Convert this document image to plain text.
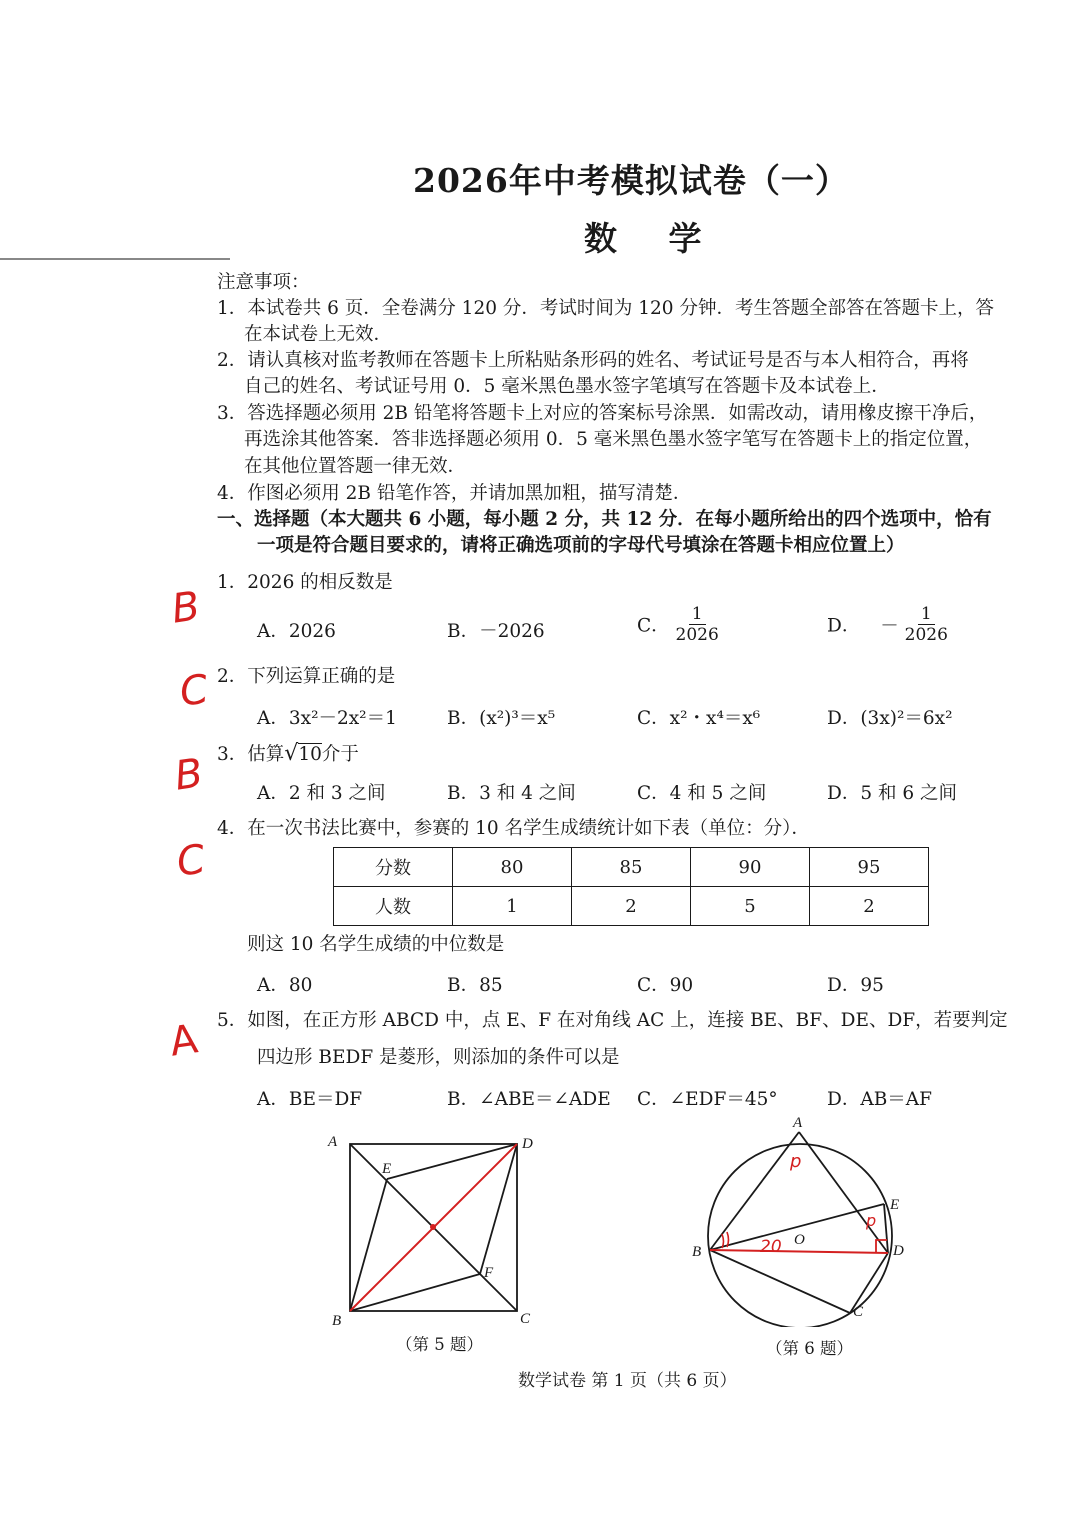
2026年中考模拟试卷（一）
数 学
注意事项：
1．本试卷共 6 页．全卷满分 120 分．考试时间为 120 分钟．考生答题全部答在答题卡上，答
在本试卷上无效．
2．请认真核对监考教师在答题卡上所粘贴条形码的姓名、考试证号是否与本人相符合，再将
自己的姓名、考试证号用 0．5 毫米黑色墨水签字笔填写在答题卡及本试卷上．
3．答选择题必须用 2B 铅笔将答题卡上对应的答案标号涂黑．如需改动，请用橡皮擦干净后，
再选涂其他答案．答非选择题必须用 0．5 毫米黑色墨水签字笔写在答题卡上的指定位置，
在其他位置答题一律无效．
4．作图必须用 2B 铅笔作答，并请加黑加粗，描写清楚．
一、选择题（本大题共 6 小题，每小题 2 分，共 12 分．在每小题所给出的四个选项中，恰有
一项是符合题目要求的，请将正确选项前的字母代号填涂在答题卡相应位置上）
B
1．2026 的相反数是
A．2026	B．－2026	C． $\frac{1}{2026}$	D． － $\frac{1}{2026}$
C 2．下列运算正确的是
A．3x²－2x²＝1	B．(x²)³＝x⁵	C．x²・x⁴＝x⁶	D．(3x)²＝6x²
B 3．估算√10介于
A．2 和 3 之间	B．3 和 4 之间	C．4 和 5 之间	D．5 和 6 之间
C
4．在一次书法比赛中，参赛的 10 名学生成绩统计如下表（单位：分）．
分数	80	85	90	95
人数	1	2	5	2
则这 10 名学生成绩的中位数是
A．80	B．85	C．90	D．95
A 5．如图，在正方形 ABCD 中，点 E、F 在对角线 AC 上，连接 BE、BF、DE、DF，若要判定
四边形 BEDF 是菱形，则添加的条件可以是
A．BE＝DF	B．∠ABE＝∠ADE C．∠EDF＝45°	D．AB＝AF
A
B	C
D
E
F
（第 5 题）
p
p
20
A
B
C
D
E
O
（第 6 题）
数学试卷 第 1 页（共 6 页）
